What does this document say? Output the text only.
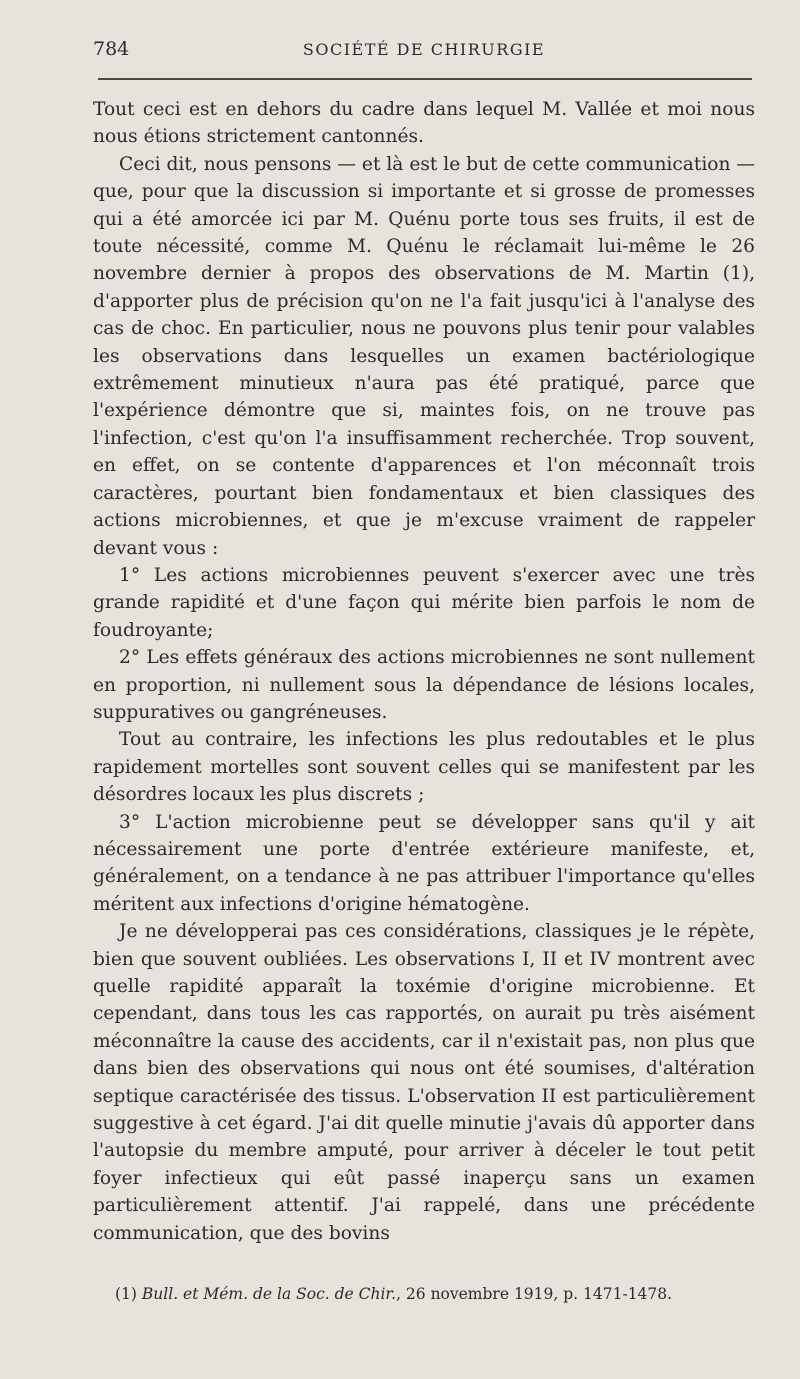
784	SOCIÉTÉ DE CHIRURGIE

Tout ceci est en dehors du cadre dans lequel M. Vallée et moi nous nous étions strictement cantonnés.

Ceci dit, nous pensons — et là est le but de cette communication — que, pour que la discussion si importante et si grosse de promesses qui a été amorcée ici par M. Quénu porte tous ses fruits, il est de toute nécessité, comme M. Quénu le réclamait lui-même le 26 novembre dernier à propos des observations de M. Martin (1), d'apporter plus de précision qu'on ne l'a fait jusqu'ici à l'analyse des cas de choc. En particulier, nous ne pouvons plus tenir pour valables les observations dans lesquelles un examen bactériologique extrêmement minutieux n'aura pas été pratiqué, parce que l'expérience démontre que si, maintes fois, on ne trouve pas l'infection, c'est qu'on l'a insuffisamment recherchée. Trop souvent, en effet, on se contente d'apparences et l'on méconnaît trois caractères, pourtant bien fondamentaux et bien classiques des actions microbiennes, et que je m'excuse vraiment de rappeler devant vous :

1° Les actions microbiennes peuvent s'exercer avec une très grande rapidité et d'une façon qui mérite bien parfois le nom de foudroyante;

2° Les effets généraux des actions microbiennes ne sont nullement en proportion, ni nullement sous la dépendance de lésions locales, suppuratives ou gangréneuses.

Tout au contraire, les infections les plus redoutables et le plus rapidement mortelles sont souvent celles qui se manifestent par les désordres locaux les plus discrets ;

3° L'action microbienne peut se développer sans qu'il y ait nécessairement une porte d'entrée extérieure manifeste, et, généralement, on a tendance à ne pas attribuer l'importance qu'elles méritent aux infections d'origine hématogène.

Je ne développerai pas ces considérations, classiques je le répète, bien que souvent oubliées. Les observations I, II et IV montrent avec quelle rapidité apparaît la toxémie d'origine microbienne. Et cependant, dans tous les cas rapportés, on aurait pu très aisément méconnaître la cause des accidents, car il n'existait pas, non plus que dans bien des observations qui nous ont été soumises, d'altération septique caractérisée des tissus. L'observation II est particulièrement suggestive à cet égard. J'ai dit quelle minutie j'avais dû apporter dans l'autopsie du membre amputé, pour arriver à déceler le tout petit foyer infectieux qui eût passé inaperçu sans un examen particulièrement attentif. J'ai rappelé, dans une précédente communication, que des bovins

(1) Bull. et Mém. de la Soc. de Chir., 26 novembre 1919, p. 1471-1478.
